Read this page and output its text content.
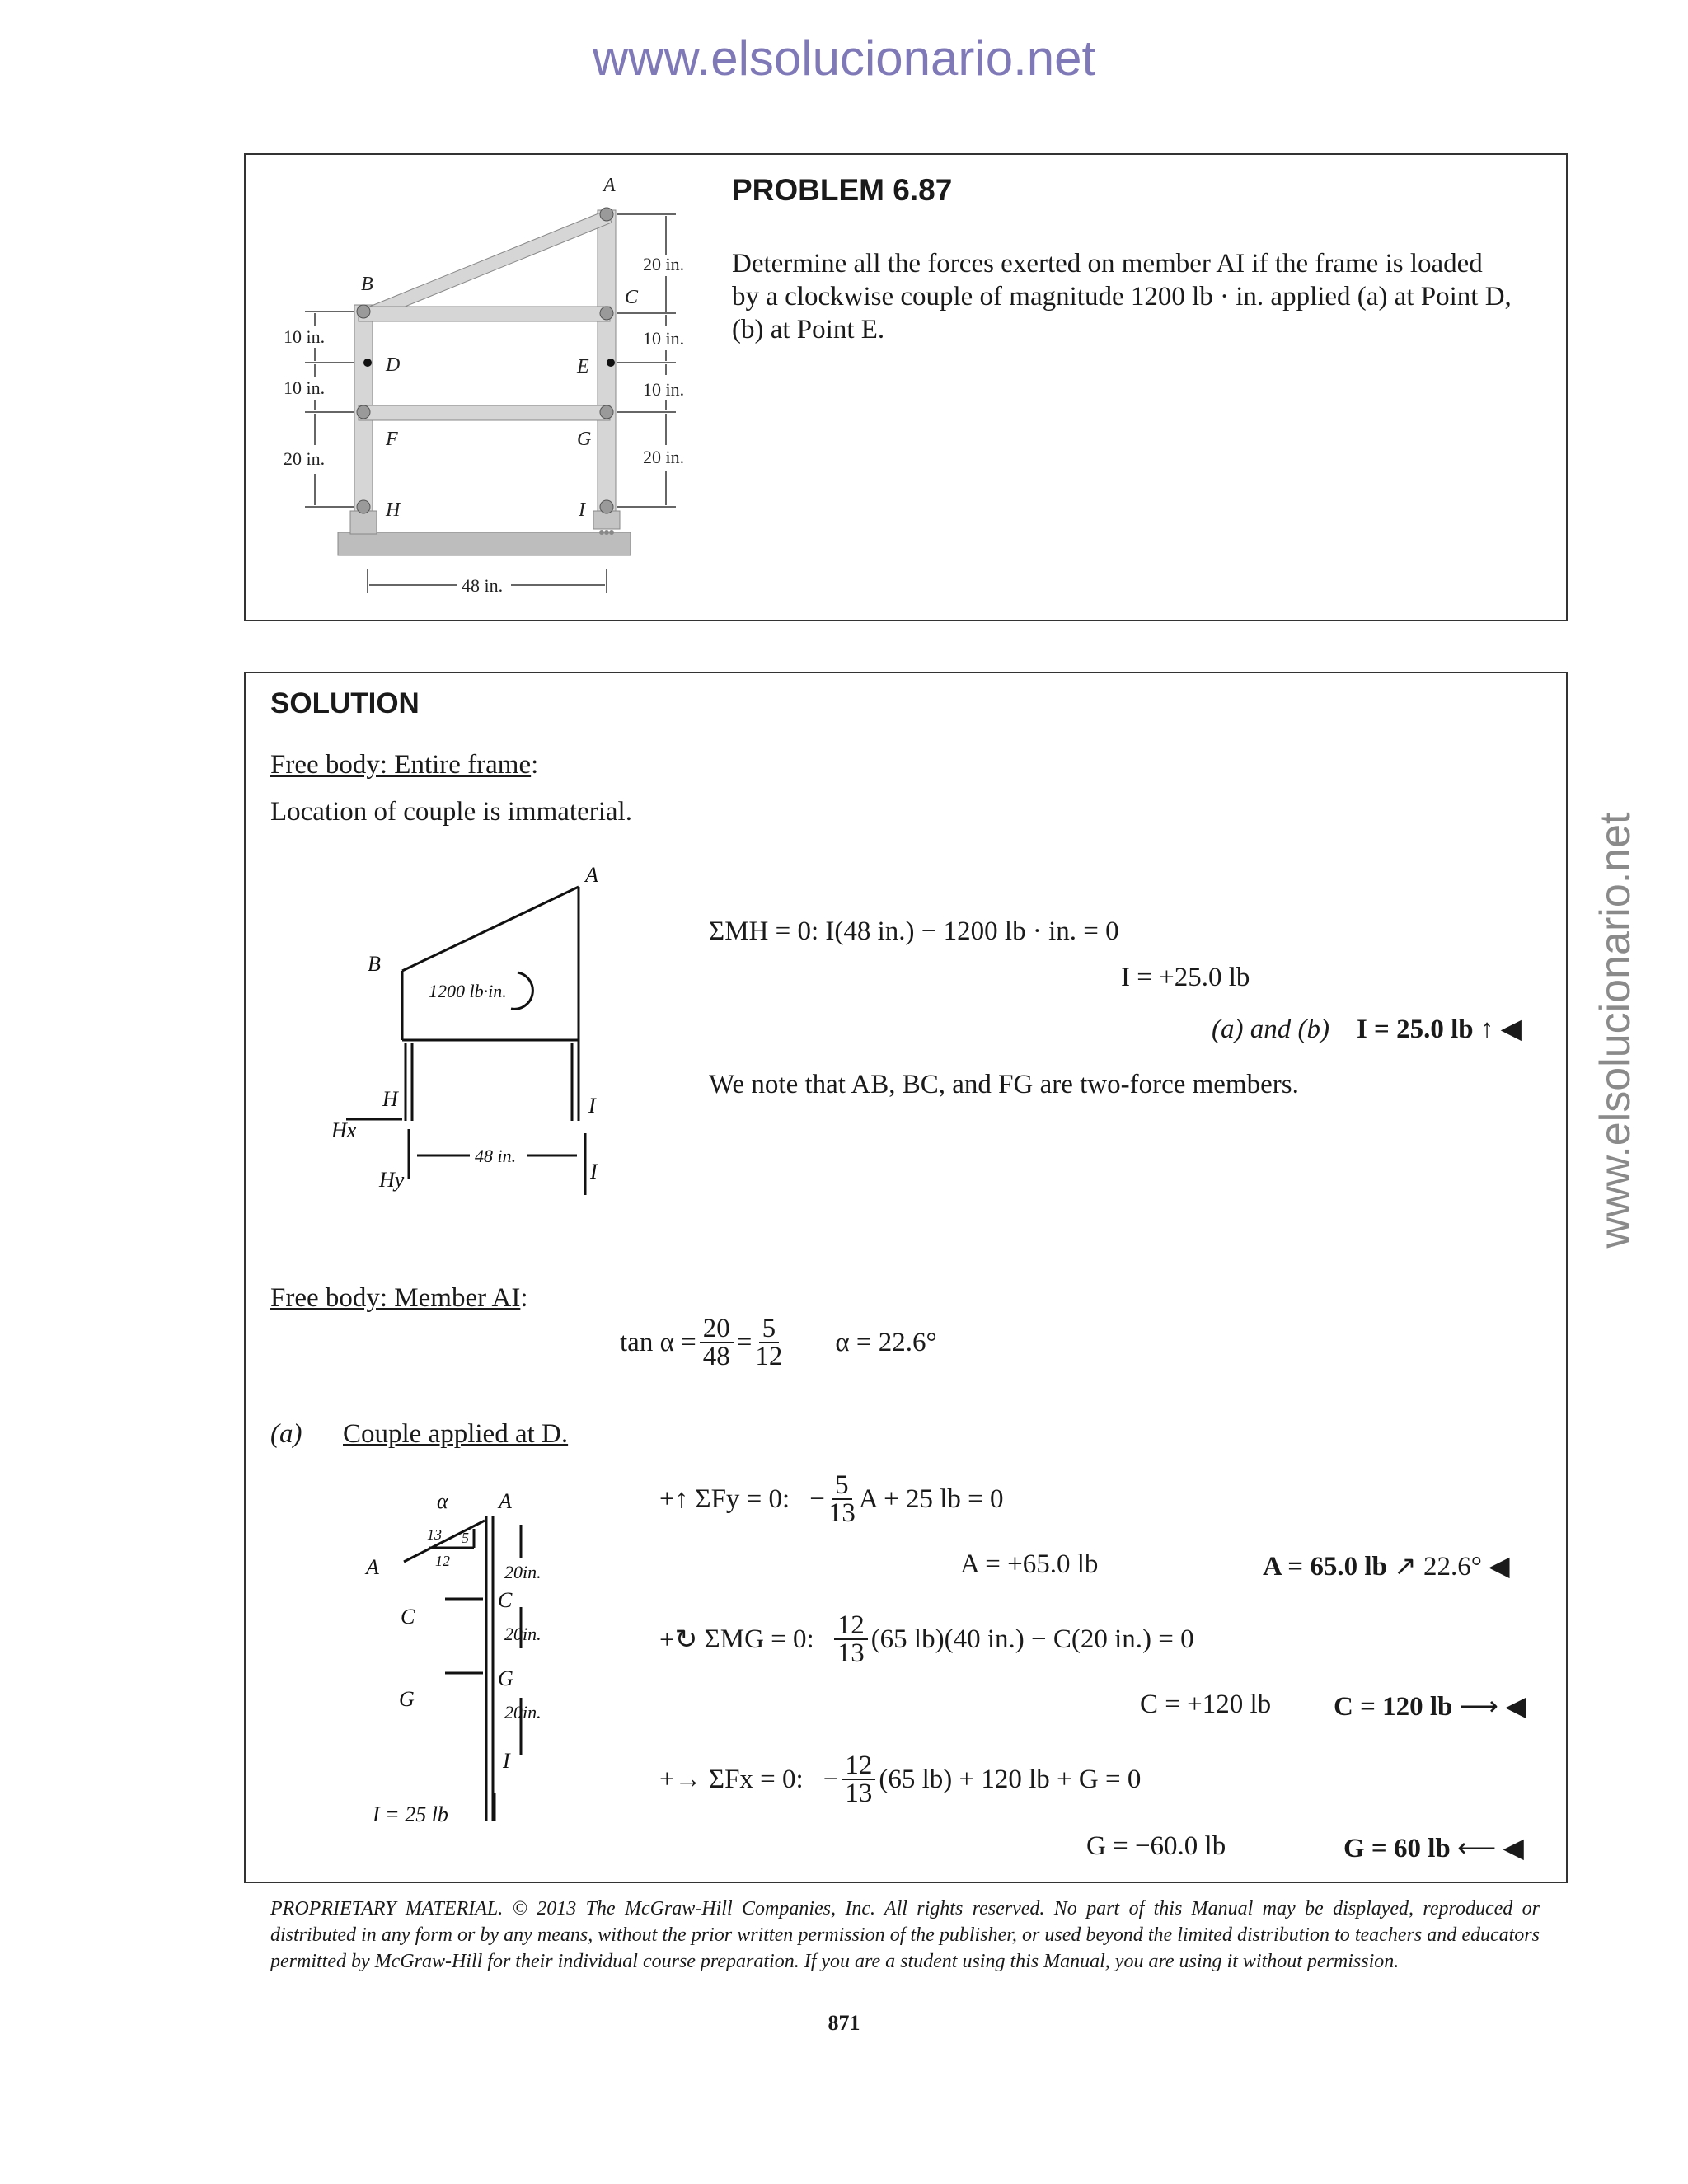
www.elsolucionario.net
www.elsolucionario.net
A
B
C
D	E
F	G
H	I
20 in.
10 in.
10 in.
20 in.
10 in.
10 in.
20 in.
48 in.
PROBLEM 6.87
Determine all the forces exerted on member AI if the frame is loaded
by a clockwise couple of magnitude 1200 lb · in. applied (a) at Point D,
(b) at Point E.
SOLUTION
Free body: Entire frame:
Location of couple is immaterial.
A
B
1200 lb·in.
H	I
Hx
Hy	I
48 in.
ΣMH = 0: I(48 in.) − 1200 lb · in. = 0
I = +25.0 lb
(a) and (b) I = 25.0 lb ↑ ◀
We note that AB, BC, and FG are two-force members.
Free body: Member AI:
$\tan \alpha = \frac{20}{48} = \frac{5}{12}$ α = 22.6°
(a) Couple applied at D.
α A
13 5
12
A	20in.
C
C
20in.
G
G
20in.
I
I = 25 lb
+↑ ΣFy = 0: − $\frac{5}{13}$ A + 25 lb = 0
A = +65.0 lb	A = 65.0 lb ↗ 22.6° ◀
+↻ ΣMG = 0: $\frac{12}{13} (65$ lb)(40 in.) − C(20 in.) = 0
C = +120 lb C = 120 lb ⟶ ◀
+→ ΣFx = 0: − $\frac{12}{13} (65$ lb) + 120 lb + G = 0
G = −60.0 lb	G = 60 lb ⟵ ◀
PROPRIETARY MATERIAL. © 2013 The McGraw-Hill Companies, Inc. All rights reserved. No part of this Manual may be displayed, reproduced or distributed in any form or by any means, without the prior written permission of the publisher, or used beyond the limited distribution to teachers and educators permitted by McGraw-Hill for their individual course preparation. If you are a student using this Manual, you are using it without permission.
871
